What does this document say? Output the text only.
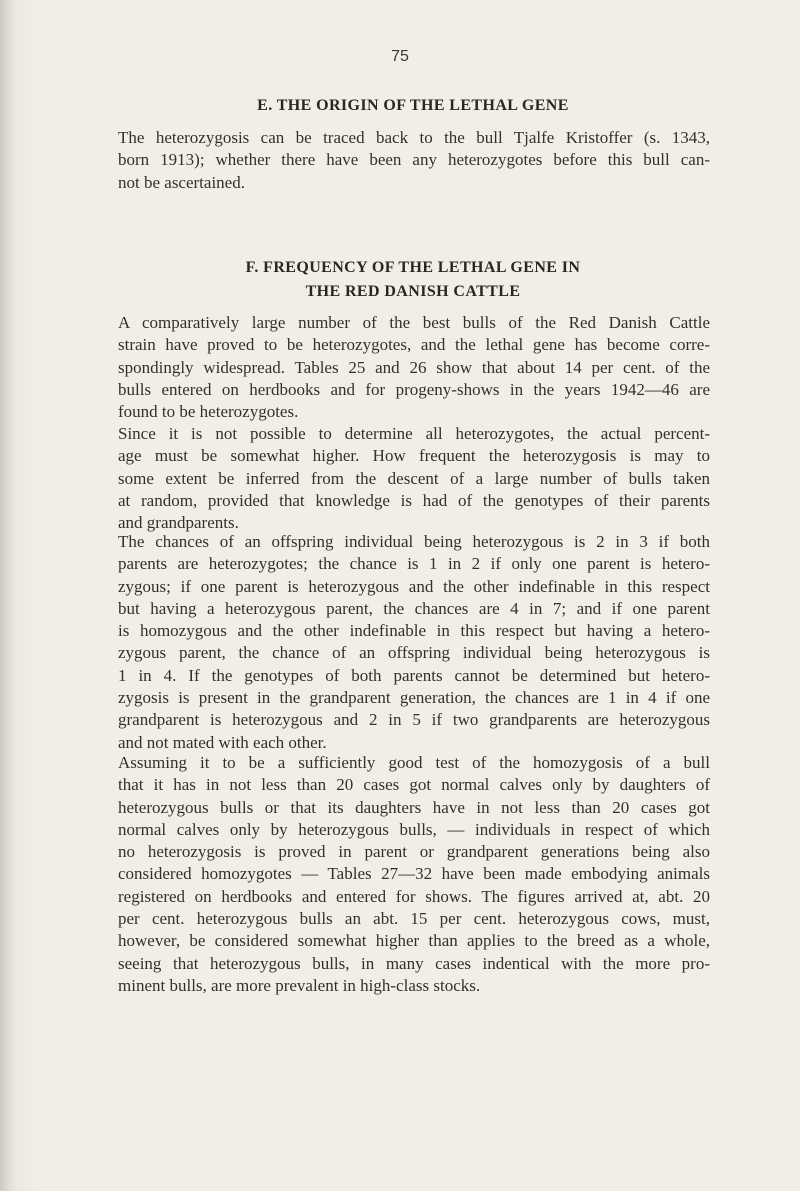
75
E. THE ORIGIN OF THE LETHAL GENE

The heterozygosis can be traced back to the bull Tjalfe Kristoffer (s. 1343,
born 1913); whether there have been any heterozygotes before this bull can-
not be ascertained.

F. FREQUENCY OF THE LETHAL GENE IN
THE RED DANISH CATTLE

A comparatively large number of the best bulls of the Red Danish Cattle
strain have proved to be heterozygotes, and the lethal gene has become corre-
spondingly widespread. Tables 25 and 26 show that about 14 per cent. of the
bulls entered on herdbooks and for progeny-shows in the years 1942—46 are
found to be heterozygotes.

Since it is not possible to determine all heterozygotes, the actual percent-
age must be somewhat higher. How frequent the heterozygosis is may to
some extent be inferred from the descent of a large number of bulls taken
at random, provided that knowledge is had of the genotypes of their parents
and grandparents.

The chances of an offspring individual being heterozygous is 2 in 3 if both
parents are heterozygotes; the chance is 1 in 2 if only one parent is hetero-
zygous; if one parent is heterozygous and the other indefinable in this respect
but having a heterozygous parent, the chances are 4 in 7; and if one parent
is homozygous and the other indefinable in this respect but having a hetero-
zygous parent, the chance of an offspring individual being heterozygous is
1 in 4. If the genotypes of both parents cannot be determined but hetero-
zygosis is present in the grandparent generation, the chances are 1 in 4 if one
grandparent is heterozygous and 2 in 5 if two grandparents are heterozygous
and not mated with each other.

Assuming it to be a sufficiently good test of the homozygosis of a bull
that it has in not less than 20 cases got normal calves only by daughters of
heterozygous bulls or that its daughters have in not less than 20 cases got
normal calves only by heterozygous bulls, — individuals in respect of which
no heterozygosis is proved in parent or grandparent generations being also
considered homozygotes — Tables 27—32 have been made embodying animals
registered on herdbooks and entered for shows. The figures arrived at, abt. 20
per cent. heterozygous bulls an abt. 15 per cent. heterozygous cows, must,
however, be considered somewhat higher than applies to the breed as a whole,
seeing that heterozygous bulls, in many cases indentical with the more pro-
minent bulls, are more prevalent in high-class stocks.
